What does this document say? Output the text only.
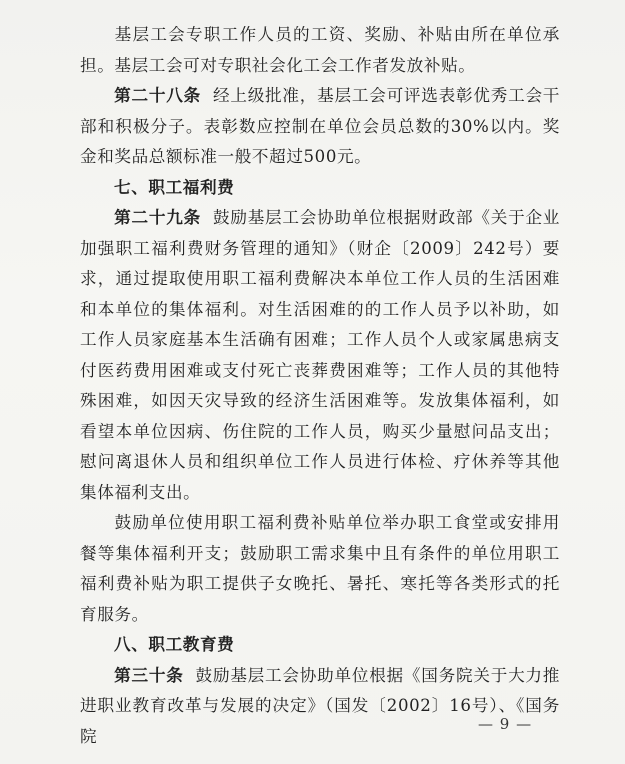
基层工会专职工作人员的工资、奖励、补贴由所在单位承担。基层工会可对专职社会化工会工作者发放补贴。

第二十八条 经上级批准，基层工会可评选表彰优秀工会干部和积极分子。表彰数应控制在单位会员总数的30%以内。奖金和奖品总额标准一般不超过500元。

七、职工福利费

第二十九条 鼓励基层工会协助单位根据财政部《关于企业加强职工福利费财务管理的通知》（财企〔2009〕242号）要求，通过提取使用职工福利费解决本单位工作人员的生活困难和本单位的集体福利。对生活困难的的工作人员予以补助，如工作人员家庭基本生活确有困难；工作人员个人或家属患病支付医药费用困难或支付死亡丧葬费困难等；工作人员的其他特殊困难，如因天灾导致的经济生活困难等。发放集体福利，如看望本单位因病、伤住院的工作人员，购买少量慰问品支出；慰问离退休人员和组织单位工作人员进行体检、疗休养等其他集体福利支出。

鼓励单位使用职工福利费补贴单位举办职工食堂或安排用餐等集体福利开支；鼓励职工需求集中且有条件的单位用职工福利费补贴为职工提供子女晚托、暑托、寒托等各类形式的托育服务。

八、职工教育费

第三十条 鼓励基层工会协助单位根据《国务院关于大力推进职业教育改革与发展的决定》（国发〔2002〕16号）、《国务院

— 9 —
